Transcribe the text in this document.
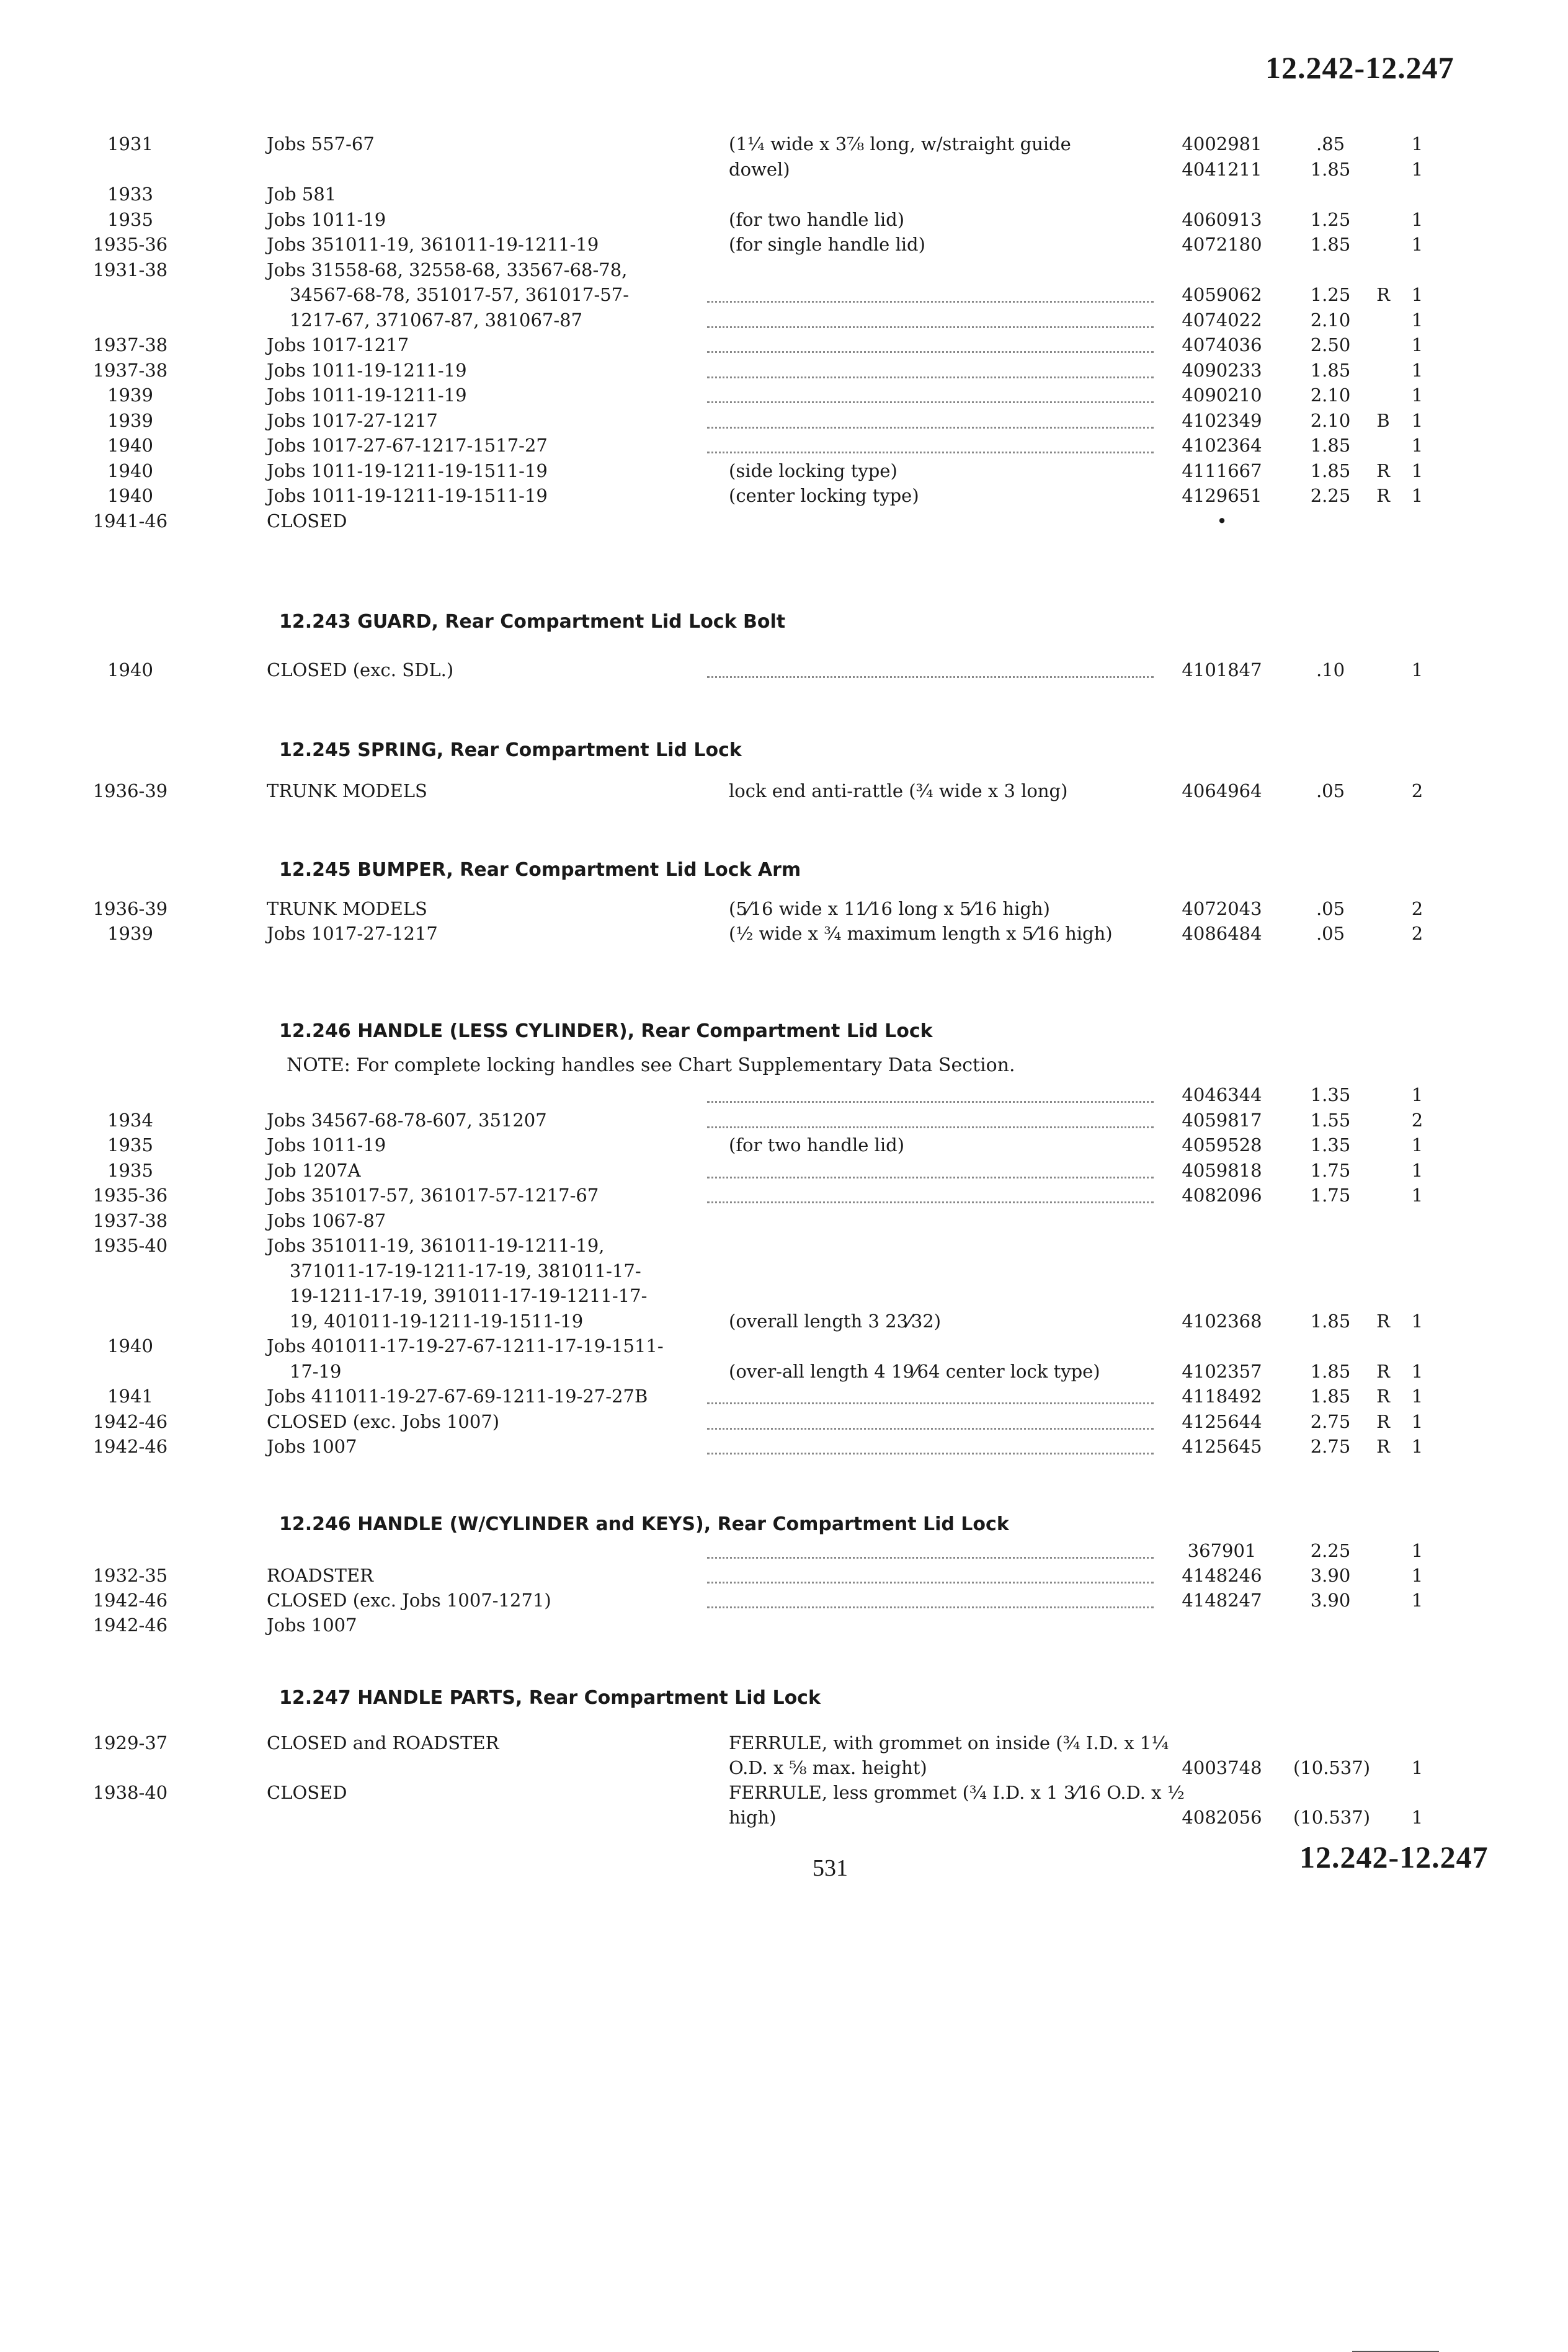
12.242-12.247
1931	Jobs 557-67	(1¼ wide x 3⅞ long, w/straight guide	4002981	.85	1
dowel)	4041211	1.85	1
1933	Job 581
1935	Jobs 1011-19	(for two handle lid)	4060913	1.25	1
1935-36	Jobs 351011-19, 361011-19-1211-19	(for single handle lid)	4072180	1.85	1
1931-38	Jobs 31558-68, 32558-68, 33567-68-78,
34567-68-78, 351017-57, 361017-57-	4059062	1.25	R	1
1217-67, 371067-87, 381067-87	4074022	2.10	1
1937-38	Jobs 1017-1217	4074036	2.50	1
1937-38	Jobs 1011-19-1211-19	4090233	1.85	1
1939	Jobs 1011-19-1211-19	4090210	2.10	1
1939	Jobs 1017-27-1217	4102349	2.10	B	1
1940	Jobs 1017-27-67-1217-1517-27	4102364	1.85	1
1940	Jobs 1011-19-1211-19-1511-19	(side locking type)	4111667	1.85	R	1
1940	Jobs 1011-19-1211-19-1511-19	(center locking type)	4129651	2.25	R	1
1941-46	CLOSED	•
12.243 GUARD, Rear Compartment Lid Lock Bolt
1940	CLOSED (exc. SDL.)	4101847	.10	1
12.245 SPRING, Rear Compartment Lid Lock
1936-39	TRUNK MODELS	lock end anti-rattle (¾ wide x 3 long)	4064964	.05	2
12.245 BUMPER, Rear Compartment Lid Lock Arm
1936-39	TRUNK MODELS	(5⁄16 wide x 11⁄16 long x 5⁄16 high)	4072043	.05	2
1939	Jobs 1017-27-1217	(½ wide x ¾ maximum length x 5⁄16 high)	4086484	.05	2
12.246 HANDLE (LESS CYLINDER), Rear Compartment Lid Lock
NOTE: For complete locking handles see Chart Supplementary Data Section.
4046344	1.35	1
1934	Jobs 34567-68-78-607, 351207	4059817	1.55	2
1935	Jobs 1011-19	(for two handle lid)	4059528	1.35	1
1935	Job 1207A	4059818	1.75	1
1935-36	Jobs 351017-57, 361017-57-1217-67	4082096	1.75	1
1937-38	Jobs 1067-87
1935-40	Jobs 351011-19, 361011-19-1211-19,
371011-17-19-1211-17-19, 381011-17-
19-1211-17-19, 391011-17-19-1211-17-
19, 401011-19-1211-19-1511-19	(overall length 3 23⁄32)	4102368	1.85	R	1
1940	Jobs 401011-17-19-27-67-1211-17-19-1511-
17-19	(over-all length 4 19⁄64 center lock type)	4102357	1.85	R	1
1941	Jobs 411011-19-27-67-69-1211-19-27-27B	4118492	1.85	R	1
1942-46	CLOSED (exc. Jobs 1007)	4125644	2.75	R	1
1942-46	Jobs 1007	4125645	2.75	R	1
12.246 HANDLE (W/CYLINDER and KEYS), Rear Compartment Lid Lock
367901	2.25	1
1932-35	ROADSTER	4148246	3.90	1
1942-46	CLOSED (exc. Jobs 1007-1271)	4148247	3.90	1
1942-46	Jobs 1007
12.247 HANDLE PARTS, Rear Compartment Lid Lock
1929-37	CLOSED and ROADSTER	FERRULE, with grommet on inside (¾ I.D. x 1¼
O.D. x ⅝ max. height)	4003748	(10.537)	1
1938-40	CLOSED	FERRULE, less grommet (¾ I.D. x 1 3⁄16 O.D. x ½
high)	4082056	(10.537)	1
531	12.242-12.247
